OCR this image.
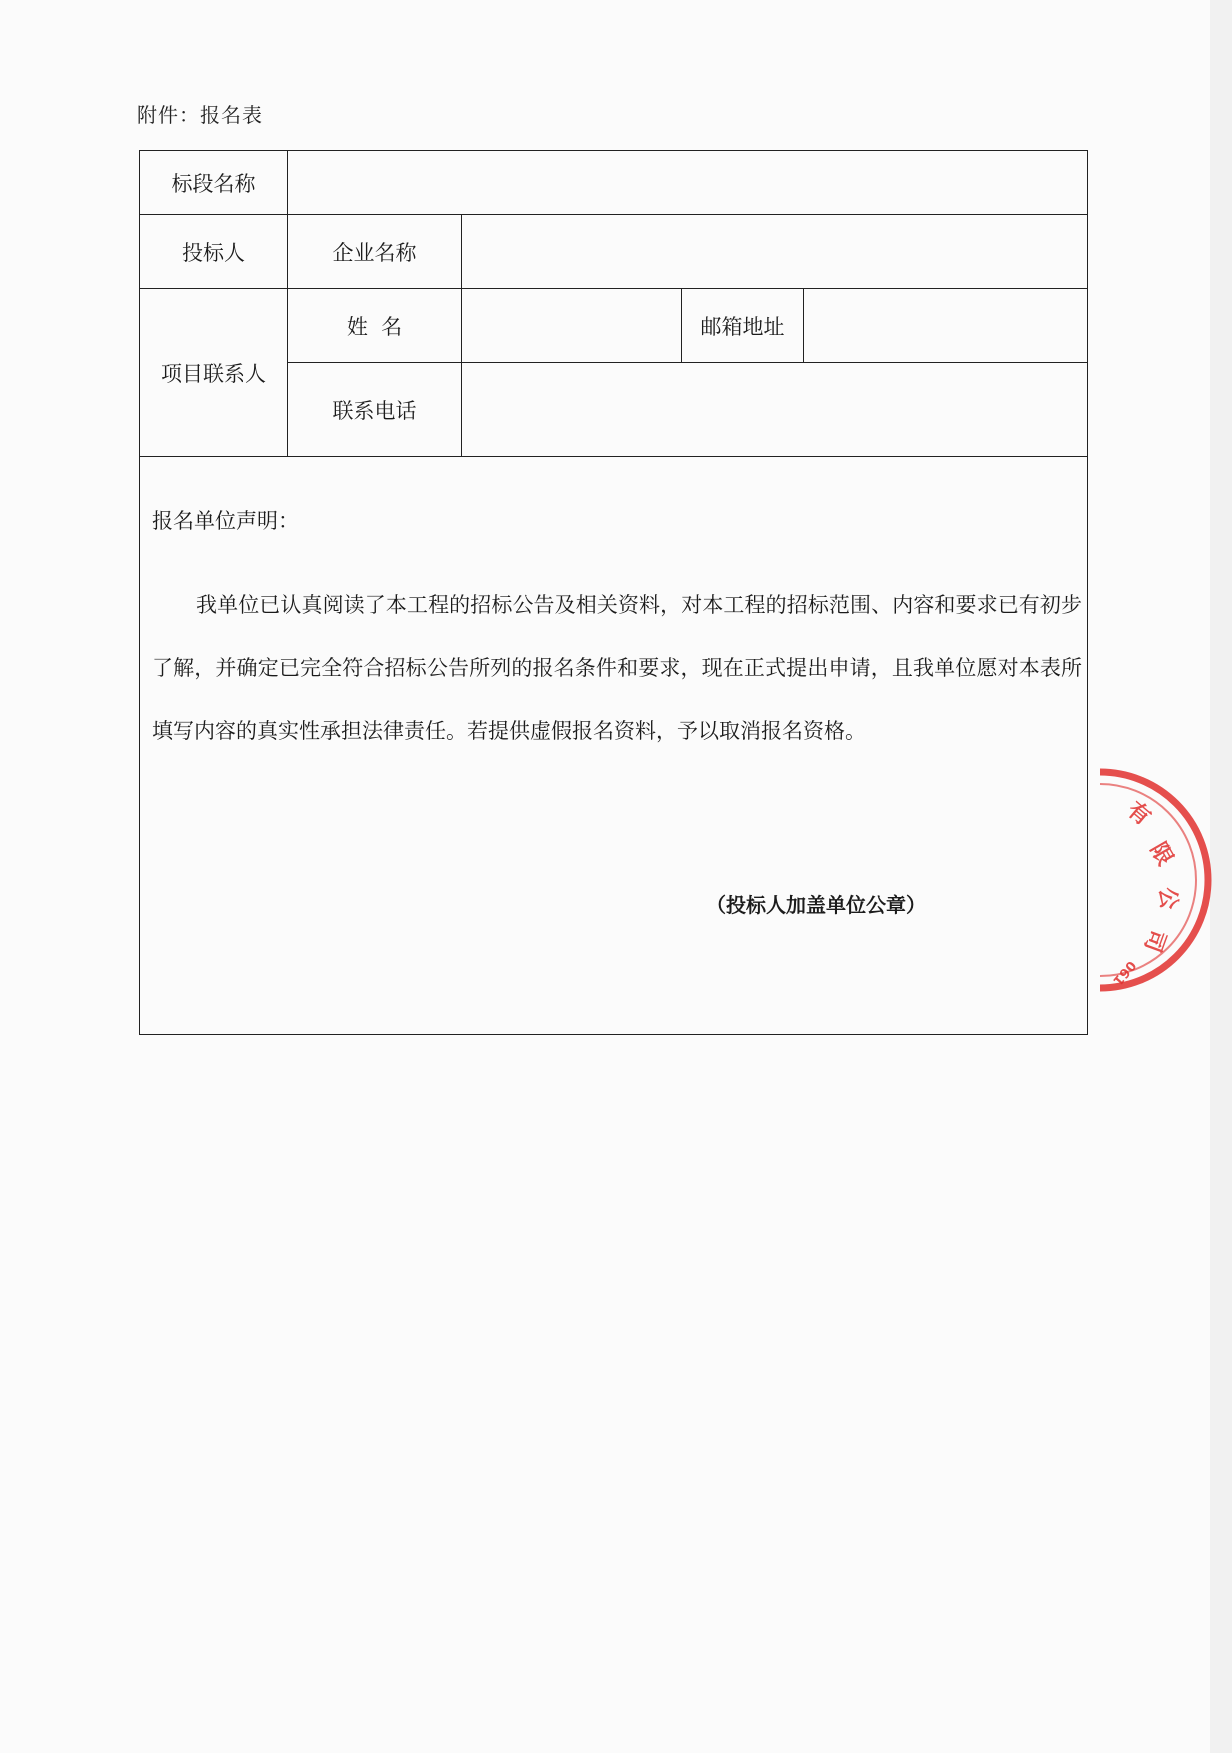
附件：报名表
标段名称				
投标人	企业名称			
项目联系人	姓  名		邮箱地址	
	联系电话			

报名单位声明：
我单位已认真阅读了本工程的招标公告及相关资料，对本工程的招标范围、内容和要求已有初步了解，并确定已完全符合招标公告所列的报名条件和要求，现在正式提出申请，且我单位愿对本表所填写内容的真实性承担法律责任。若提供虚假报名资料，予以取消报名资格。
（投标人加盖单位公章）				
有
限
公
司
061
